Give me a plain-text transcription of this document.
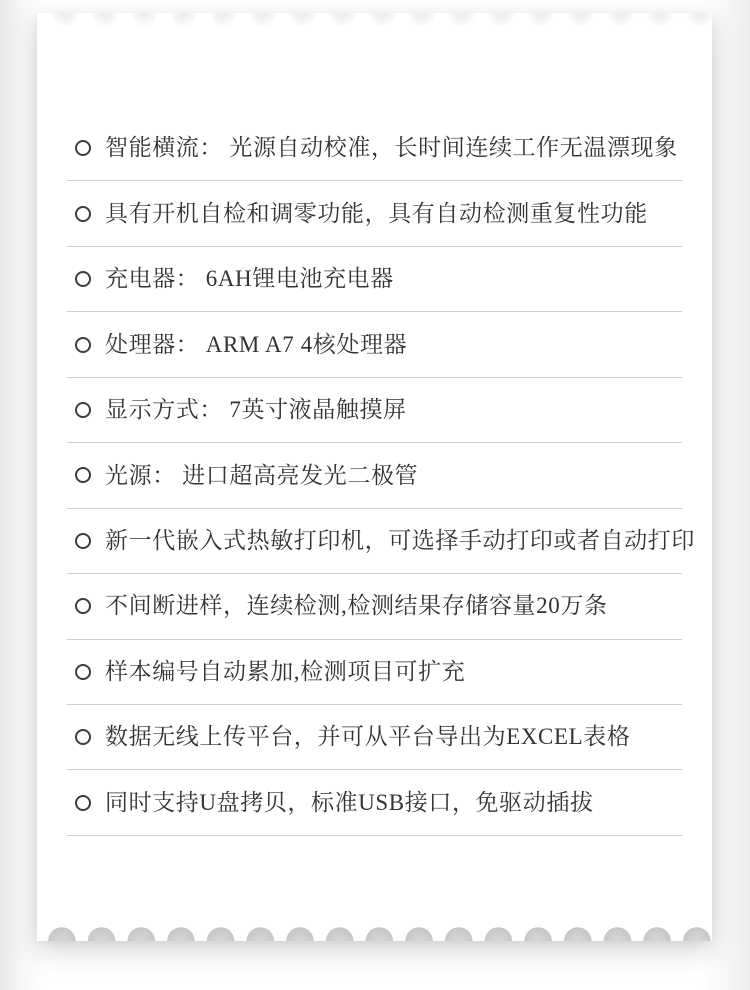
智能横流： 光源自动校准，长时间连续工作无温漂现象
具有开机自检和调零功能，具有自动检测重复性功能
充电器： 6AH锂电池充电器
处理器： ARM A7 4核处理器
显示方式： 7英寸液晶触摸屏
光源： 进口超高亮发光二极管
新一代嵌入式热敏打印机，可选择手动打印或者自动打印
不间断进样，连续检测,检测结果存储容量20万条
样本编号自动累加,检测项目可扩充
数据无线上传平台，并可从平台导出为EXCEL表格
同时支持U盘拷贝，标准USB接口，免驱动插拔
